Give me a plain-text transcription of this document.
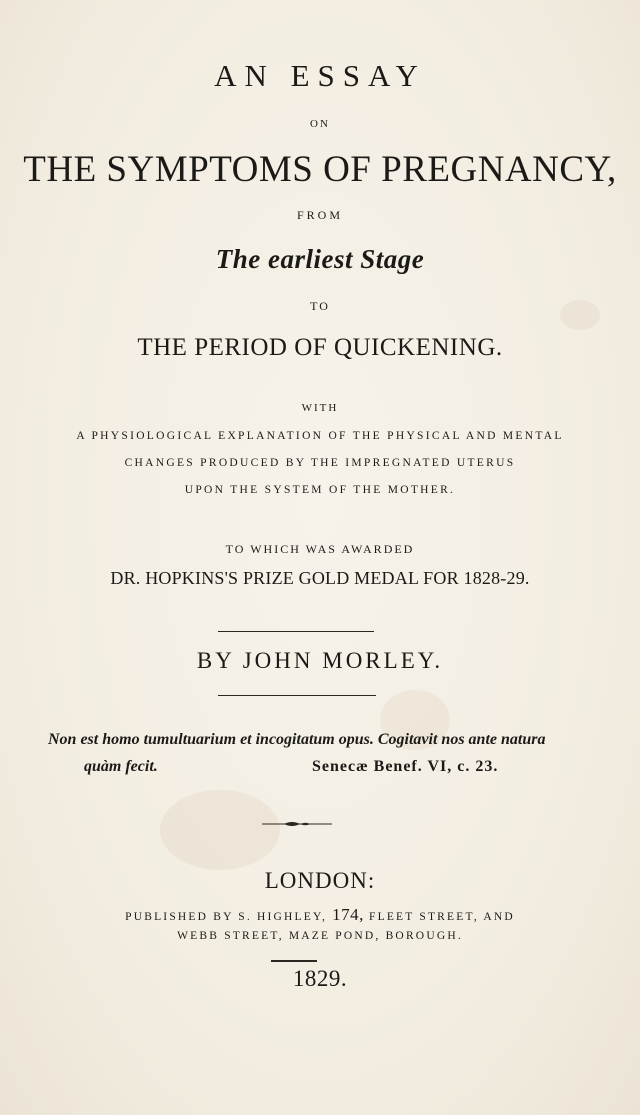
AN ESSAY
ON
THE SYMPTOMS OF PREGNANCY,
FROM
The earliest Stage
TO
THE PERIOD OF QUICKENING.
WITH
A PHYSIOLOGICAL EXPLANATION OF THE PHYSICAL AND MENTAL
CHANGES PRODUCED BY THE IMPREGNATED UTERUS
UPON THE SYSTEM OF THE MOTHER.
TO WHICH WAS AWARDED
DR. HOPKINS'S PRIZE GOLD MEDAL FOR 1828-29.
BY JOHN MORLEY.
Non est homo tumultuarium et incogitatum opus. Cogitavit nos ante natura
quàm fecit.	Senecæ Benef. VI, c. 23.
LONDON:
PUBLISHED BY S. HIGHLEY, 174, FLEET STREET, AND
WEBB STREET, MAZE POND, BOROUGH.
1829.
